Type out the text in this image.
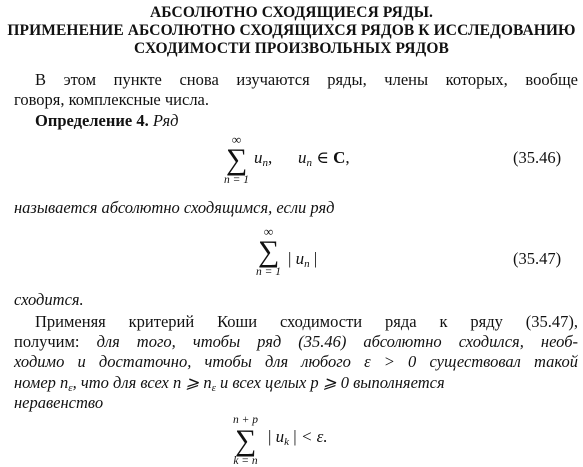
АБСОЛЮТНО СХОДЯЩИЕСЯ РЯДЫ.
ПРИМЕНЕНИЕ АБСОЛЮТНО СХОДЯЩИХСЯ РЯДОВ К ИССЛЕДОВАНИЮ
СХОДИМОСТИ ПРОИЗВОЛЬНЫХ РЯДОВ
В этом пункте снова изучаются ряды, члены которых, вообще
говоря, комплексные числа.
Определение 4. Ряд
∞
∑
n = 1
$u_n$, $u_n$ ∈ C,	(35.46)
называется абсолютно сходящимся, если ряд
∞
∑
n = 1
| $u_n$ |	(35.47)
сходится.
Применяя критерий Коши сходимости ряда к ряду (35.47),
получим: для того, чтобы ряд (35.46) абсолютно сходился, необ-
ходимо и достаточно, чтобы для любого ε > 0 существовал такой
номер $n_\varepsilon$, что для всех n ⩾ $n_\varepsilon$ и всех целых p ⩾ 0 выполняется
неравенство
n + p
∑
k = n
| $u_k$ | < ε.
